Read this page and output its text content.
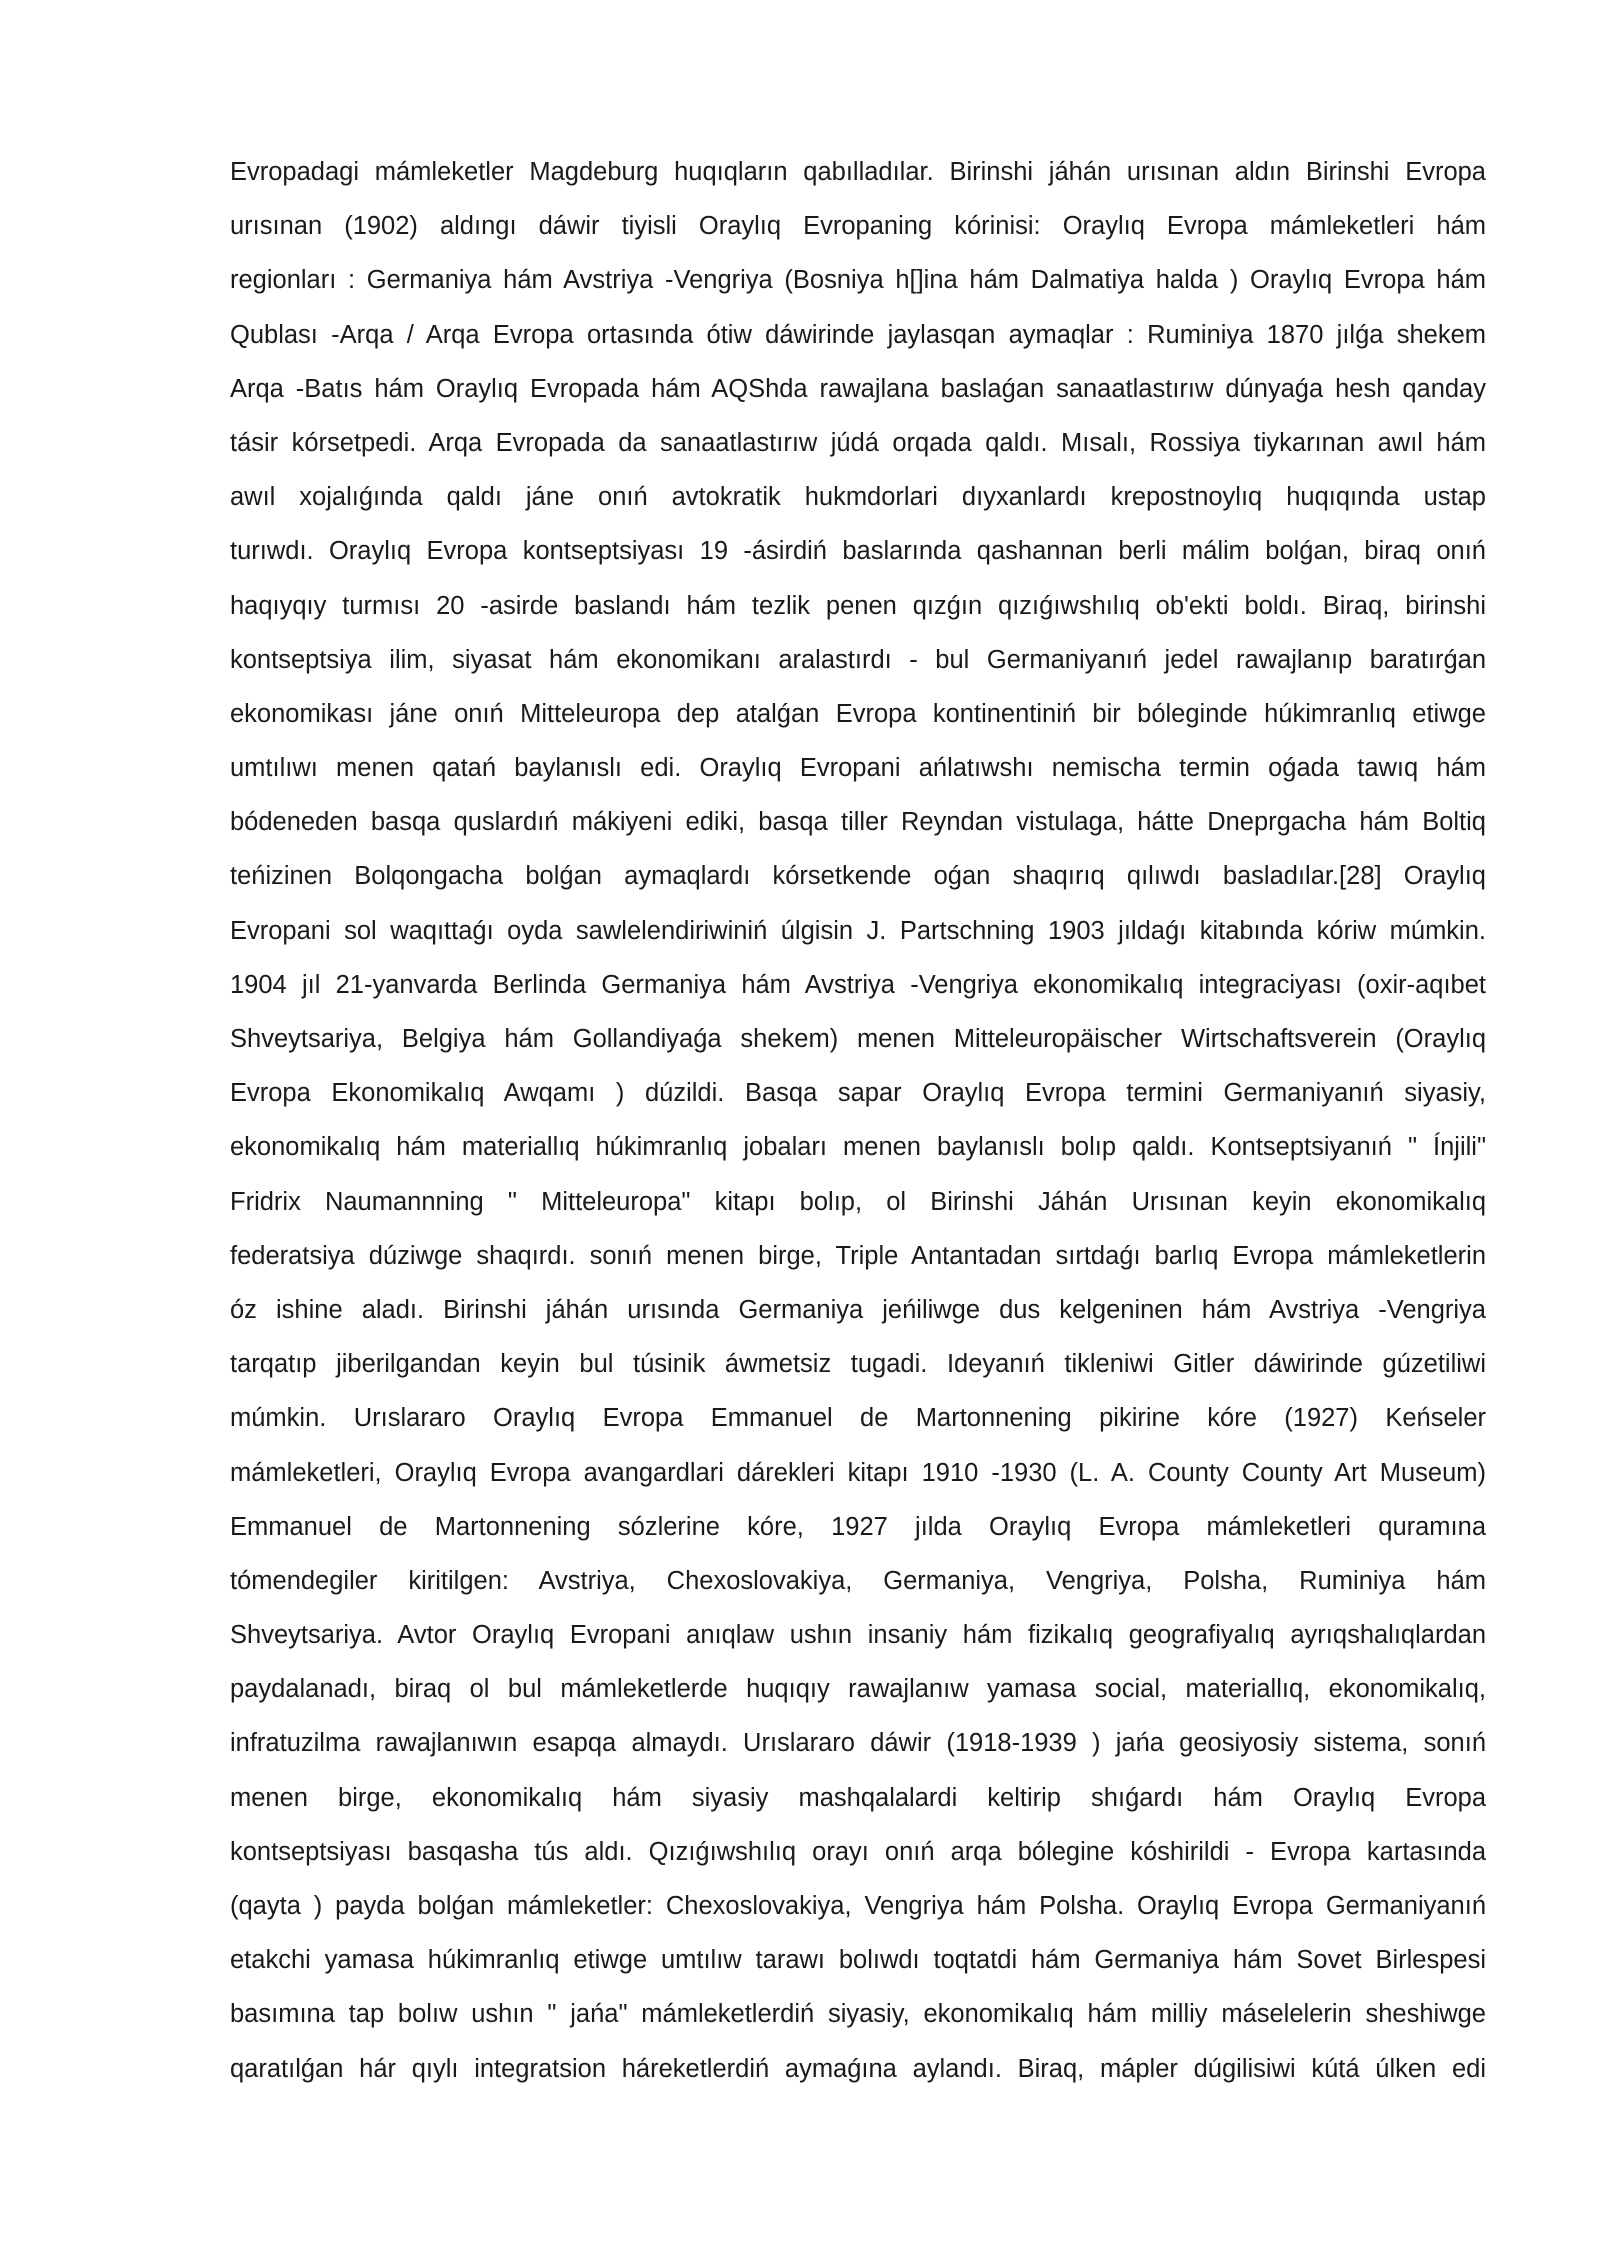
Evropadagi mámleketler Magdeburg huqıqların qabılladılar. Birinshi jáhán urısınan aldın Birinshi Evropa
urısınan (1902) aldıngı dáwir tiyisli Oraylıq Evropaning kórinisi: Oraylıq Evropa mámleketleri hám
regionları : Germaniya hám Avstriya -Vengriya (Bosniya h[]ina hám Dalmatiya halda ) Oraylıq Evropa hám
Qublası -Arqa / Arqa Evropa ortasında ótiw dáwirinde jaylasqan aymaqlar : Ruminiya 1870 jılǵa shekem
Arqa -Batıs hám Oraylıq Evropada hám AQShda rawajlana baslaǵan sanaatlastırıw dúnyaǵa hesh qanday
tásir kórsetpedi. Arqa Evropada da sanaatlastırıw júdá orqada qaldı. Mısalı, Rossiya tiykarınan awıl hám
awıl xojalıǵında qaldı jáne onıń avtokratik hukmdorlari dıyxanlardı krepostnoylıq huqıqında ustap
turıwdı. Oraylıq Evropa kontseptsiyası 19 -ásirdiń baslarında qashannan berli málim bolǵan, biraq onıń
haqıyqıy turmısı 20 -asirde baslandı hám tezlik penen qızǵın qızıǵıwshılıq ob'ekti boldı. Biraq, birinshi
kontseptsiya ilim, siyasat hám ekonomikanı aralastırdı - bul Germaniyanıń jedel rawajlanıp baratırǵan
ekonomikası jáne onıń Mitteleuropa dep atalǵan Evropa kontinentiniń bir bóleginde húkimranlıq etiwge
umtılıwı menen qatań baylanıslı edi. Oraylıq Evropani ańlatıwshı nemischa termin oǵada tawıq hám
bódeneden basqa quslardıń mákiyeni ediki, basqa tiller Reyndan vistulaga, hátte Dneprgacha hám Boltiq
teńizinen Bolqongacha bolǵan aymaqlardı kórsetkende oǵan shaqırıq qılıwdı basladılar.[28] Oraylıq
Evropani sol waqıttaǵı oyda sawlelendiriwiniń úlgisin J. Partschning 1903 jıldaǵı kitabında kóriw múmkin.
1904 jıl 21-yanvarda Berlinda Germaniya hám Avstriya -Vengriya ekonomikalıq integraciyası (oxir-aqıbet
Shveytsariya, Belgiya hám Gollandiyaǵa shekem) menen Mitteleuropäischer Wirtschaftsverein (Oraylıq
Evropa Ekonomikalıq Awqamı ) dúzildi. Basqa sapar Oraylıq Evropa termini Germaniyanıń siyasiy,
ekonomikalıq hám materiallıq húkimranlıq jobaları menen baylanıslı bolıp qaldı. Kontseptsiyanıń " Ínjili"
Fridrix Naumannning " Mitteleuropa" kitapı bolıp, ol Birinshi Jáhán Urısınan keyin ekonomikalıq
federatsiya dúziwge shaqırdı. sonıń menen birge, Triple Antantadan sırtdaǵı barlıq Evropa mámleketlerin
óz ishine aladı. Birinshi jáhán urısında Germaniya jeńiliwge dus kelgeninen hám Avstriya -Vengriya
tarqatıp jiberilgandan keyin bul túsinik áwmetsiz tugadi. Ideyanıń tikleniwi Gitler dáwirinde gúzetiliwi
múmkin. Urıslararo Oraylıq Evropa Emmanuel de Martonnening pikirine kóre (1927) Keńseler
mámleketleri, Oraylıq Evropa avangardlari dárekleri kitapı 1910 -1930 (L. A. County County Art Museum)
Emmanuel de Martonnening sózlerine kóre, 1927 jılda Oraylıq Evropa mámleketleri quramına
tómendegiler kiritilgen: Avstriya, Chexoslovakiya, Germaniya, Vengriya, Polsha, Ruminiya hám
Shveytsariya. Avtor Oraylıq Evropani anıqlaw ushın insaniy hám fizikalıq geografiyalıq ayrıqshalıqlardan
paydalanadı, biraq ol bul mámleketlerde huqıqıy rawajlanıw yamasa social, materiallıq, ekonomikalıq,
infratuzilma rawajlanıwın esapqa almaydı. Urıslararo dáwir (1918-1939 ) jańa geosiyosiy sistema, sonıń
menen birge, ekonomikalıq hám siyasiy mashqalalardi keltirip shıǵardı hám Oraylıq Evropa
kontseptsiyası basqasha tús aldı. Qızıǵıwshılıq orayı onıń arqa bólegine kóshirildi - Evropa kartasında
(qayta ) payda bolǵan mámleketler: Chexoslovakiya, Vengriya hám Polsha. Oraylıq Evropa Germaniyanıń
etakchi yamasa húkimranlıq etiwge umtılıw tarawı bolıwdı toqtatdi hám Germaniya hám Sovet Birlespesi
basımına tap bolıw ushın " jańa" mámleketlerdiń siyasiy, ekonomikalıq hám milliy máselelerin sheshiwge
qaratılǵan hár qıylı integratsion háreketlerdiń aymaǵına aylandı. Biraq, mápler dúgilisiwi kútá úlken edi
